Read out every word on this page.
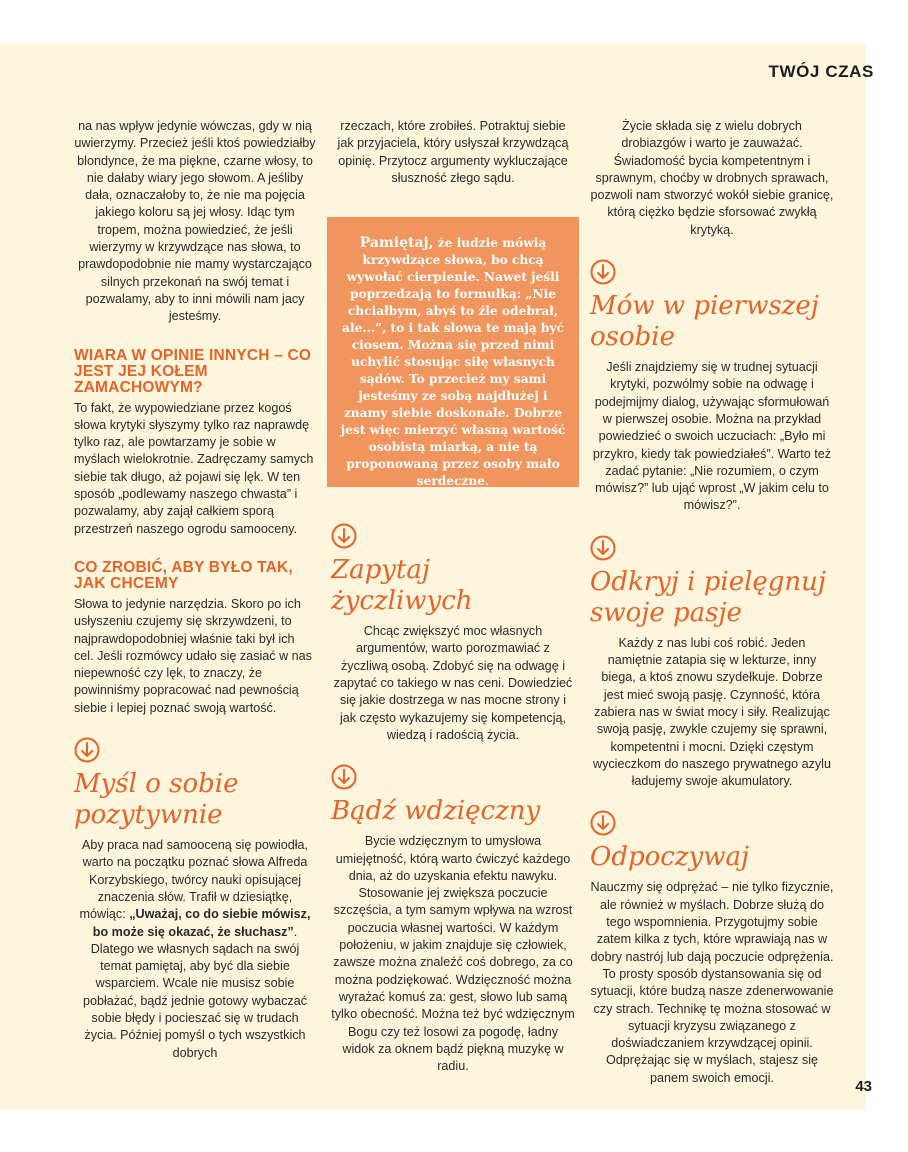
TWÓJ CZAS

na nas wpływ jedynie wówczas, gdy w nią uwierzymy. Przecież jeśli ktoś powiedziałby blondynce, że ma piękne, czarne włosy, to nie dałaby wiary jego słowom. A jeśliby dała, oznaczałoby to, że nie ma pojęcia jakiego koloru są jej włosy. Idąc tym tropem, można powiedzieć, że jeśli wierzymy w krzywdzące nas słowa, to prawdopodobnie nie mamy wystarczająco silnych przekonań na swój temat i pozwalamy, aby to inni mówili nam jacy jesteśmy.

WIARA W OPINIE INNYCH – CO JEST JEJ KOŁEM ZAMACHOWYM?

To fakt, że wypowiedziane przez kogoś słowa krytyki słyszymy tylko raz naprawdę tylko raz, ale powtarzamy je sobie w myślach wielokrotnie. Zadręczamy samych siebie tak długo, aż pojawi się lęk. W ten sposób „podlewamy naszego chwasta” i pozwalamy, aby zajął całkiem sporą przestrzeń naszego ogrodu samooceny.

CO ZROBIĆ, ABY BYŁO TAK, JAK CHCEMY

Słowa to jedynie narzędzia. Skoro po ich usłyszeniu czujemy się skrzywdzeni, to najprawdopodobniej właśnie taki był ich cel. Jeśli rozmówcy udało się zasiać w nas niepewność czy lęk, to znaczy, że powinniśmy popracować nad pewnością siebie i lepiej poznać swoją wartość.

Myśl o sobie pozytywnie

Aby praca nad samooceną się powiodła, warto na początku poznać słowa Alfreda Korzybskiego, twórcy nauki opisującej znaczenia słów. Trafił w dziesiątkę, mówiąc: „Uważaj, co do siebie mówisz, bo może się okazać, że słuchasz”. Dlatego we własnych sądach na swój temat pamiętaj, aby być dla siebie wsparciem. Wcale nie musisz sobie pobłażać, bądź jednie gotowy wybaczać sobie błędy i pocieszać się w trudach życia. Później pomyśl o tych wszystkich dobrych

rzeczach, które zrobiłeś. Potraktuj siebie jak przyjaciela, który usłyszał krzywdzącą opinię. Przytocz argumenty wykluczające słuszność złego sądu.

Pamiętaj, że ludzie mówią krzywdzące słowa, bo chcą wywołać cierpienie. Nawet jeśli poprzedzają to formułką: „Nie chciałbym, abyś to źle odebrał, ale...”, to i tak słowa te mają być ciosem. Można się przed nimi uchylić stosując siłę własnych sądów. To przecież my sami jesteśmy ze sobą najdłużej i znamy siebie doskonale. Dobrze jest więc mierzyć własną wartość osobistą miarką, a nie tą proponowaną przez osoby mało serdeczne.
Zapytaj życzliwych

Chcąc zwiększyć moc własnych argumentów, warto porozmawiać z życzliwą osobą. Zdobyć się na odwagę i zapytać co takiego w nas ceni. Dowiedzieć się jakie dostrzega w nas mocne strony i jak często wykazujemy się kompetencją, wiedzą i radością życia.

Bądź wdzięczny

Bycie wdzięcznym to umysłowa umiejętność, którą warto ćwiczyć każdego dnia, aż do uzyskania efektu nawyku. Stosowanie jej zwiększa poczucie szczęścia, a tym samym wpływa na wzrost poczucia własnej wartości. W każdym położeniu, w jakim znajduje się człowiek, zawsze można znaleźć coś dobrego, za co można podziękować. Wdzięczność można wyrażać komuś za: gest, słowo lub samą tylko obecność. Można też być wdzięcznym Bogu czy też losowi za pogodę, ładny widok za oknem bądź piękną muzykę w radiu.

Życie składa się z wielu dobrych drobiazgów i warto je zauważać. Świadomość bycia kompetentnym i sprawnym, choćby w drobnych sprawach, pozwoli nam stworzyć wokół siebie granicę, którą ciężko będzie sforsować zwykłą krytyką.

Mów w pierwszej osobie

Jeśli znajdziemy się w trudnej sytuacji krytyki, pozwólmy sobie na odwagę i podejmijmy dialog, używając sformułowań w pierwszej osobie. Można na przykład powiedzieć o swoich uczuciach: „Było mi przykro, kiedy tak powiedziałeś”. Warto też zadać pytanie: „Nie rozumiem, o czym mówisz?” lub ująć wprost „W jakim celu to mówisz?”.

Odkryj i pielęgnuj swoje pasje

Każdy z nas lubi coś robić. Jeden namiętnie zatapia się w lekturze, inny biega, a ktoś znowu szydełkuje. Dobrze jest mieć swoją pasję. Czynność, która zabiera nas w świat mocy i siły. Realizując swoją pasję, zwykle czujemy się sprawni, kompetentni i mocni. Dzięki częstym wycieczkom do naszego prywatnego azylu ładujemy swoje akumulatory.

Odpoczywaj

Nauczmy się odprężać – nie tylko fizycznie, ale również w myślach. Dobrze służą do tego wspomnienia. Przygotujmy sobie zatem kilka z tych, które wprawiają nas w dobry nastrój lub dają poczucie odprężenia. To prosty sposób dystansowania się od sytuacji, które budzą nasze zdenerwowanie czy strach. Technikę tę można stosować w sytuacji kryzysu związanego z doświadczaniem krzywdzącej opinii. Odprężając się w myślach, stajesz się panem swoich emocji.

43
